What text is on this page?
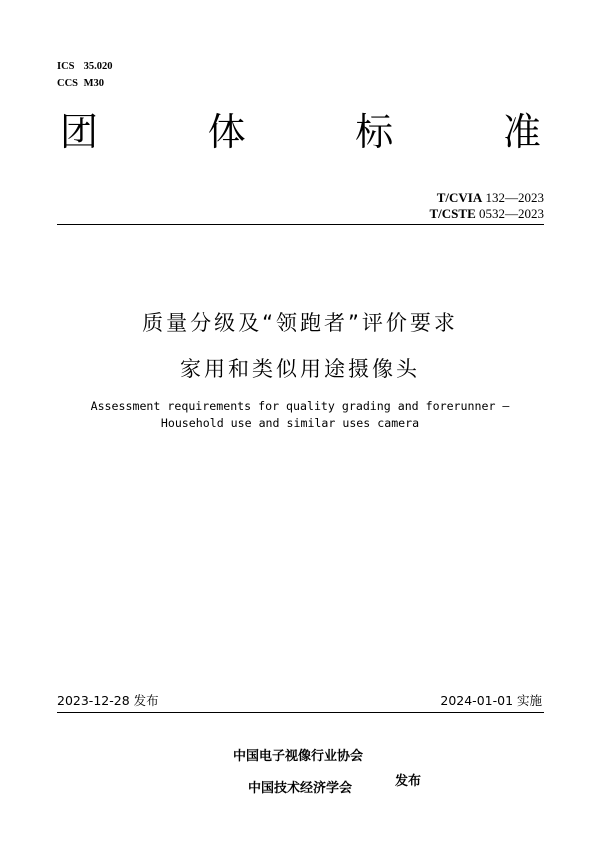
ICS 35.020
CCS M30
团	体	标	准
T/CVIA 132—2023
T/CSTE 0532—2023
质量分级及“领跑者”评价要求
家用和类似用途摄像头
Assessment requirements for quality grading and forerunner —
Household use and similar uses camera
2023-12-28 发布	2024-01-01 实施
中国电子视像行业协会
中国技术经济学会	发布
